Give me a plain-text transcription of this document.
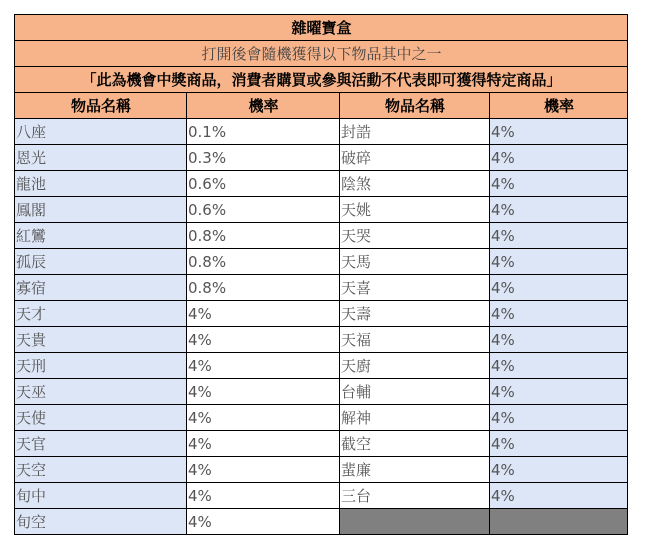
雜曜寶盒			
打開後會隨機獲得以下物品其中之一			
「此為機會中獎商品，消費者購買或參與活動不代表即可獲得特定商品」			
物品名稱	機率	物品名稱	機率
八座	0.1%	封誥	4%
恩光	0.3%	破碎	4%
龍池	0.6%	陰煞	4%
鳳閣	0.6%	天姚	4%
紅鸞	0.8%	天哭	4%
孤辰	0.8%	天馬	4%
寡宿	0.8%	天喜	4%
天才	4%	天壽	4%
天貴	4%	天福	4%
天刑	4%	天廚	4%
天巫	4%	台輔	4%
天使	4%	解神	4%
天官	4%	截空	4%
天空	4%	蜚廉	4%
旬中	4%	三台	4%
旬空	4%		
